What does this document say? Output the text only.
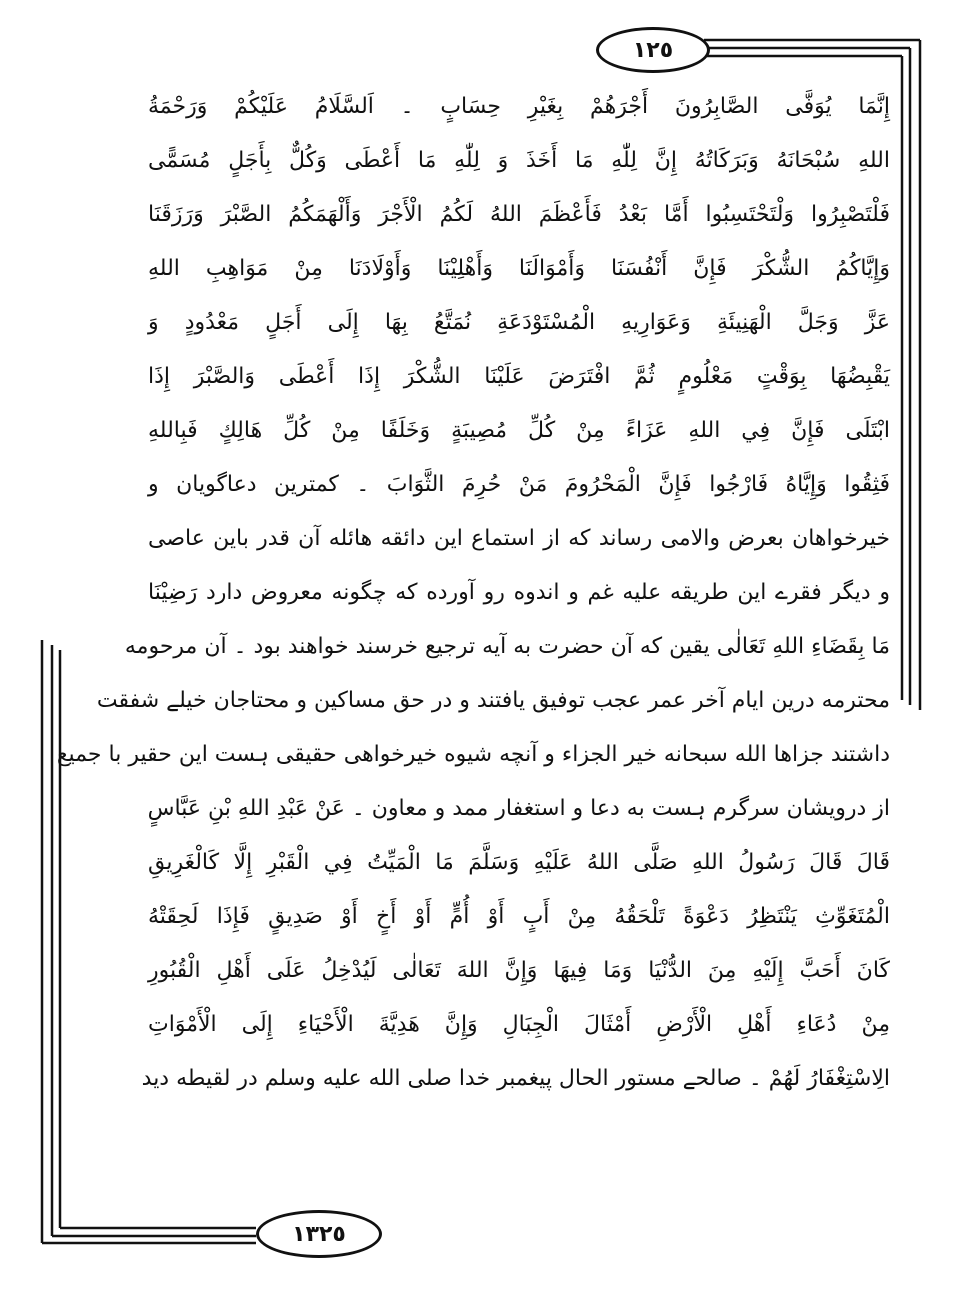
١٢٥
١٣٢٥
إِنَّمَا يُوَفَّى الصَّابِرُونَ أَجْرَهُمْ بِغَيْرِ حِسَابٍ ۔ اَلسَّلَامُ عَلَيْكُمْ وَرَحْمَةُ
اللهِ سُبْحَانَهُ وَبَرَكَاتُهُ إِنَّ لِلّٰهِ مَا أَخَذَ وَ لِلّٰهِ مَا أَعْطَى وَكُلٌّ بِأَجَلٍ مُسَمًّى
فَلْتَصْبِرُوا وَلْتَحْتَسِبُوا أَمَّا بَعْدُ فَأَعْظَمَ اللهُ لَكُمُ الْأَجْرَ وَأَلْهَمَكُمُ الصَّبْرَ وَرَزَقَنَا
وَإِيَّاكُمُ الشُّكْرَ فَإِنَّ أَنْفُسَنَا وَأَمْوَالَنَا وَأَهْلِيْنَا وَأَوْلَادَنَا مِنْ مَوَاهِبِ اللهِ
عَزَّ وَجَلَّ الْهَنِيئَةِ وَعَوَارِيهِ الْمُسْتَوْدَعَةِ نُمَتَّعُ بِهَا إِلَى أَجَلٍ مَعْدُودٍ وَ
يَقْبِضُهَا بِوَقْتٍ مَعْلُومٍ ثُمَّ افْتَرَضَ عَلَيْنَا الشُّكْرَ إِذَا أَعْطَى وَالصَّبْرَ إِذَا
ابْتَلَى فَإِنَّ فِي اللهِ عَزَاءً مِنْ كُلِّ مُصِيبَةٍ وَخَلَفًا مِنْ كُلِّ هَالِكٍ فَبِاللهِ
فَثِقُوا وَإِيَّاهُ فَارْجُوا فَإِنَّ الْمَحْرُومَ مَنْ حُرِمَ الثَّوَابَ ۔ کمترین دعاگویان و
خیرخواهان بعرض والامی رساند که از استماع این دائقه هائله آن قدر باین عاصی
و دیگر فقرے این طریقه علیه غم و اندوه رو آورده که چگونه معروض دارد رَضِيْنَا
مَا بِقَضَاءِ اللهِ تَعَالٰى یقین که آن حضرت به آیه ترجیع خرسند خواهند بود ۔ آن مرحومه
محترمه درین ایام آخر عمر عجب توفیق یافتند و در حق مساکین و محتاجان خیلے شفقت
داشتند جزاها الله سبحانه خیر الجزاء و آنچه شیوه خیرخواهی حقیقی ہست این حقیر با جمیع
از درویشان سرگرم ہست به دعا و استغفار ممد و معاون ۔ عَنْ عَبْدِ اللهِ بْنِ عَبَّاسٍ
قَالَ قَالَ رَسُولُ اللهِ صَلَّى اللهُ عَلَيْهِ وَسَلَّمَ مَا الْمَيِّتُ فِي الْقَبْرِ إِلَّا كَالْغَرِيقِ
الْمُتَغَوِّثِ يَنْتَظِرُ دَعْوَةً تَلْحَقُهُ مِنْ أَبٍ أَوْ أُمٍّ أَوْ أَخٍ أَوْ صَدِيقٍ فَإِذَا لَحِقَتْهُ
كَانَ أَحَبَّ إِلَيْهِ مِنَ الدُّنْيَا وَمَا فِيهَا وَإِنَّ اللهَ تَعَالٰى لَيُدْخِلُ عَلَى أَهْلِ الْقُبُورِ
مِنْ دُعَاءِ أَهْلِ الْأَرْضِ أَمْثَالَ الْجِبَالِ وَإِنَّ هَدِيَّةَ الْأَحْيَاءِ إِلَى الْأَمْوَاتِ
الِاسْتِغْفَارُ لَهُمْ ۔ صالحے مستور الحال پیغمبر خدا صلی الله علیه وسلم در لقیطه دید
